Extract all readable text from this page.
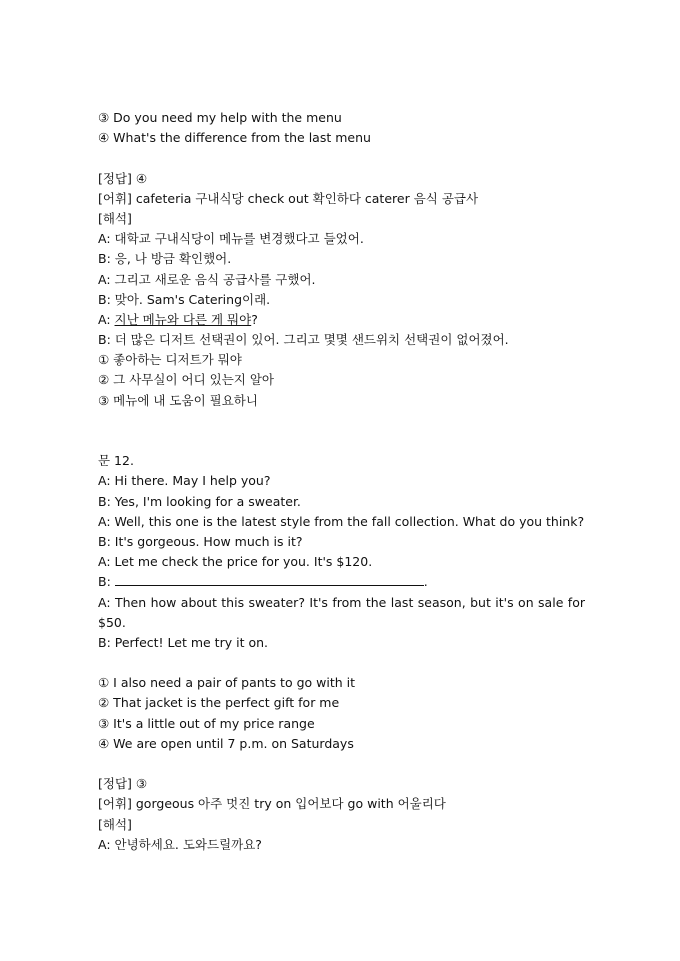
③ Do you need my help with the menu
④ What's the difference from the last menu
[정답] ④
[어휘] cafeteria 구내식당 check out 확인하다 caterer 음식 공급사
[해석]
A: 대학교 구내식당이 메뉴를 변경했다고 들었어.
B: 응, 나 방금 확인했어.
A: 그리고 새로운 음식 공급사를 구했어.
B: 맞아. Sam's Catering이래.
A: 지난 메뉴와 다른 게 뭐야?
B: 더 많은 디저트 선택권이 있어. 그리고 몇몇 샌드위치 선택권이 없어졌어.
① 좋아하는 디저트가 뭐야
② 그 사무실이 어디 있는지 알아
③ 메뉴에 내 도움이 필요하니
문 12.
A: Hi there. May I help you?
B: Yes, I'm looking for a sweater.
A: Well, this one is the latest style from the fall collection. What do you think?
B: It's gorgeous. How much is it?
A: Let me check the price for you. It's $120.
B:	.
A: Then how about this sweater? It's from the last season, but it's on sale for $50.
B: Perfect! Let me try it on.
① I also need a pair of pants to go with it
② That jacket is the perfect gift for me
③ It's a little out of my price range
④ We are open until 7 p.m. on Saturdays
[정답] ③
[어휘] gorgeous 아주 멋진 try on 입어보다 go with 어울리다
[해석]
A: 안녕하세요. 도와드릴까요?
